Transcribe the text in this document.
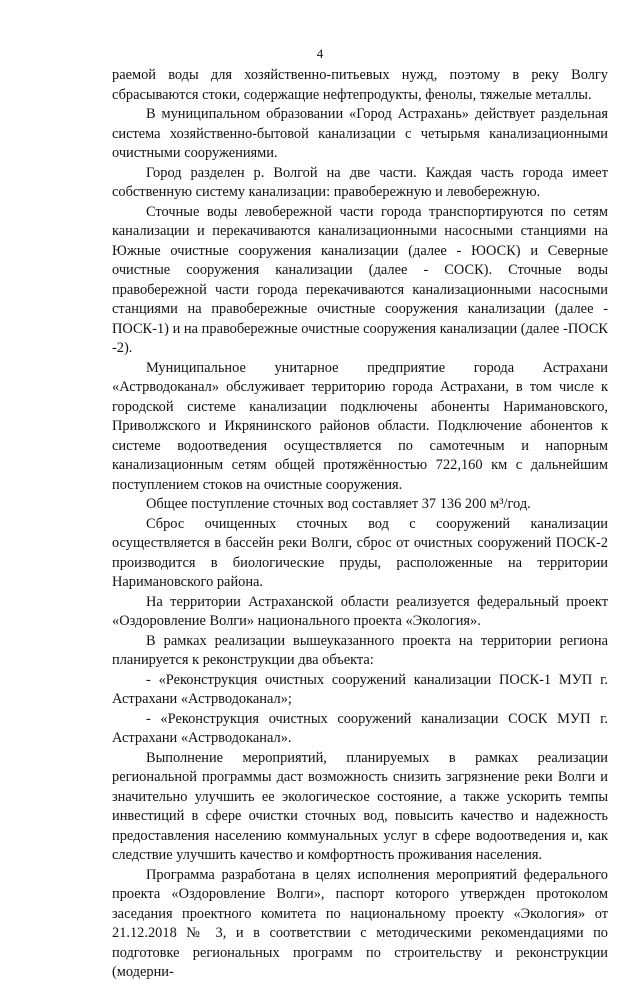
4

раемой воды для хозяйственно-питьевых нужд, поэтому в реку Волгу сбрасываются стоки, содержащие нефтепродукты, фенолы, тяжелые металлы.

В муниципальном образовании «Город Астрахань» действует раздельная система хозяйственно-бытовой канализации с четырьмя канализационными очистными сооружениями.

Город разделен р. Волгой на две части. Каждая часть города имеет собственную систему канализации: правобережную и левобережную.

Сточные воды левобережной части города транспортируются по сетям канализации и перекачиваются канализационными насосными станциями на Южные очистные сооружения канализации (далее - ЮОСК) и Северные очистные сооружения канализации (далее - СОСК). Сточные воды правобережной части города перекачиваются канализационными насосными станциями на правобережные очистные сооружения канализации (далее - ПОСК-1) и на правобережные очистные сооружения канализации (далее -ПОСК -2).

Муниципальное унитарное предприятие города Астрахани «Астрводоканал» обслуживает территорию города Астрахани, в том числе к городской системе канализации подключены абоненты Наримановского, Приволжского и Икрянинского районов области. Подключение абонентов к системе водоотведения осуществляется по самотечным и напорным канализационным сетям общей протяжённостью 722,160 км с дальнейшим поступлением стоков на очистные сооружения.

Общее поступление сточных вод составляет 37 136 200 м³/год.

Сброс очищенных сточных вод с сооружений канализации осуществляется в бассейн реки Волги, сброс от очистных сооружений ПОСК-2 производится в биологические пруды, расположенные на территории Наримановского района.

На территории Астраханской области реализуется федеральный проект «Оздоровление Волги» национального проекта «Экология».

В рамках реализации вышеуказанного проекта на территории региона планируется к реконструкции два объекта:

- «Реконструкция очистных сооружений канализации ПОСК-1 МУП г. Астрахани «Астрводоканал»;

- «Реконструкция очистных сооружений канализации СОСК МУП г. Астрахани «Астрводоканал».

Выполнение мероприятий, планируемых в рамках реализации региональной программы даст возможность снизить загрязнение реки Волги и значительно улучшить ее экологическое состояние, а также ускорить темпы инвестиций в сфере очистки сточных вод, повысить качество и надежность предоставления населению коммунальных услуг в сфере водоотведения и, как следствие улучшить качество и комфортность проживания населения.

Программа разработана в целях исполнения мероприятий федерального проекта «Оздоровление Волги», паспорт которого утвержден протоколом заседания проектного комитета по национальному проекту «Экология» от 21.12.2018 № 3, и в соответствии с методическими рекомендациями по подготовке региональных программ по строительству и реконструкции (модерни-
